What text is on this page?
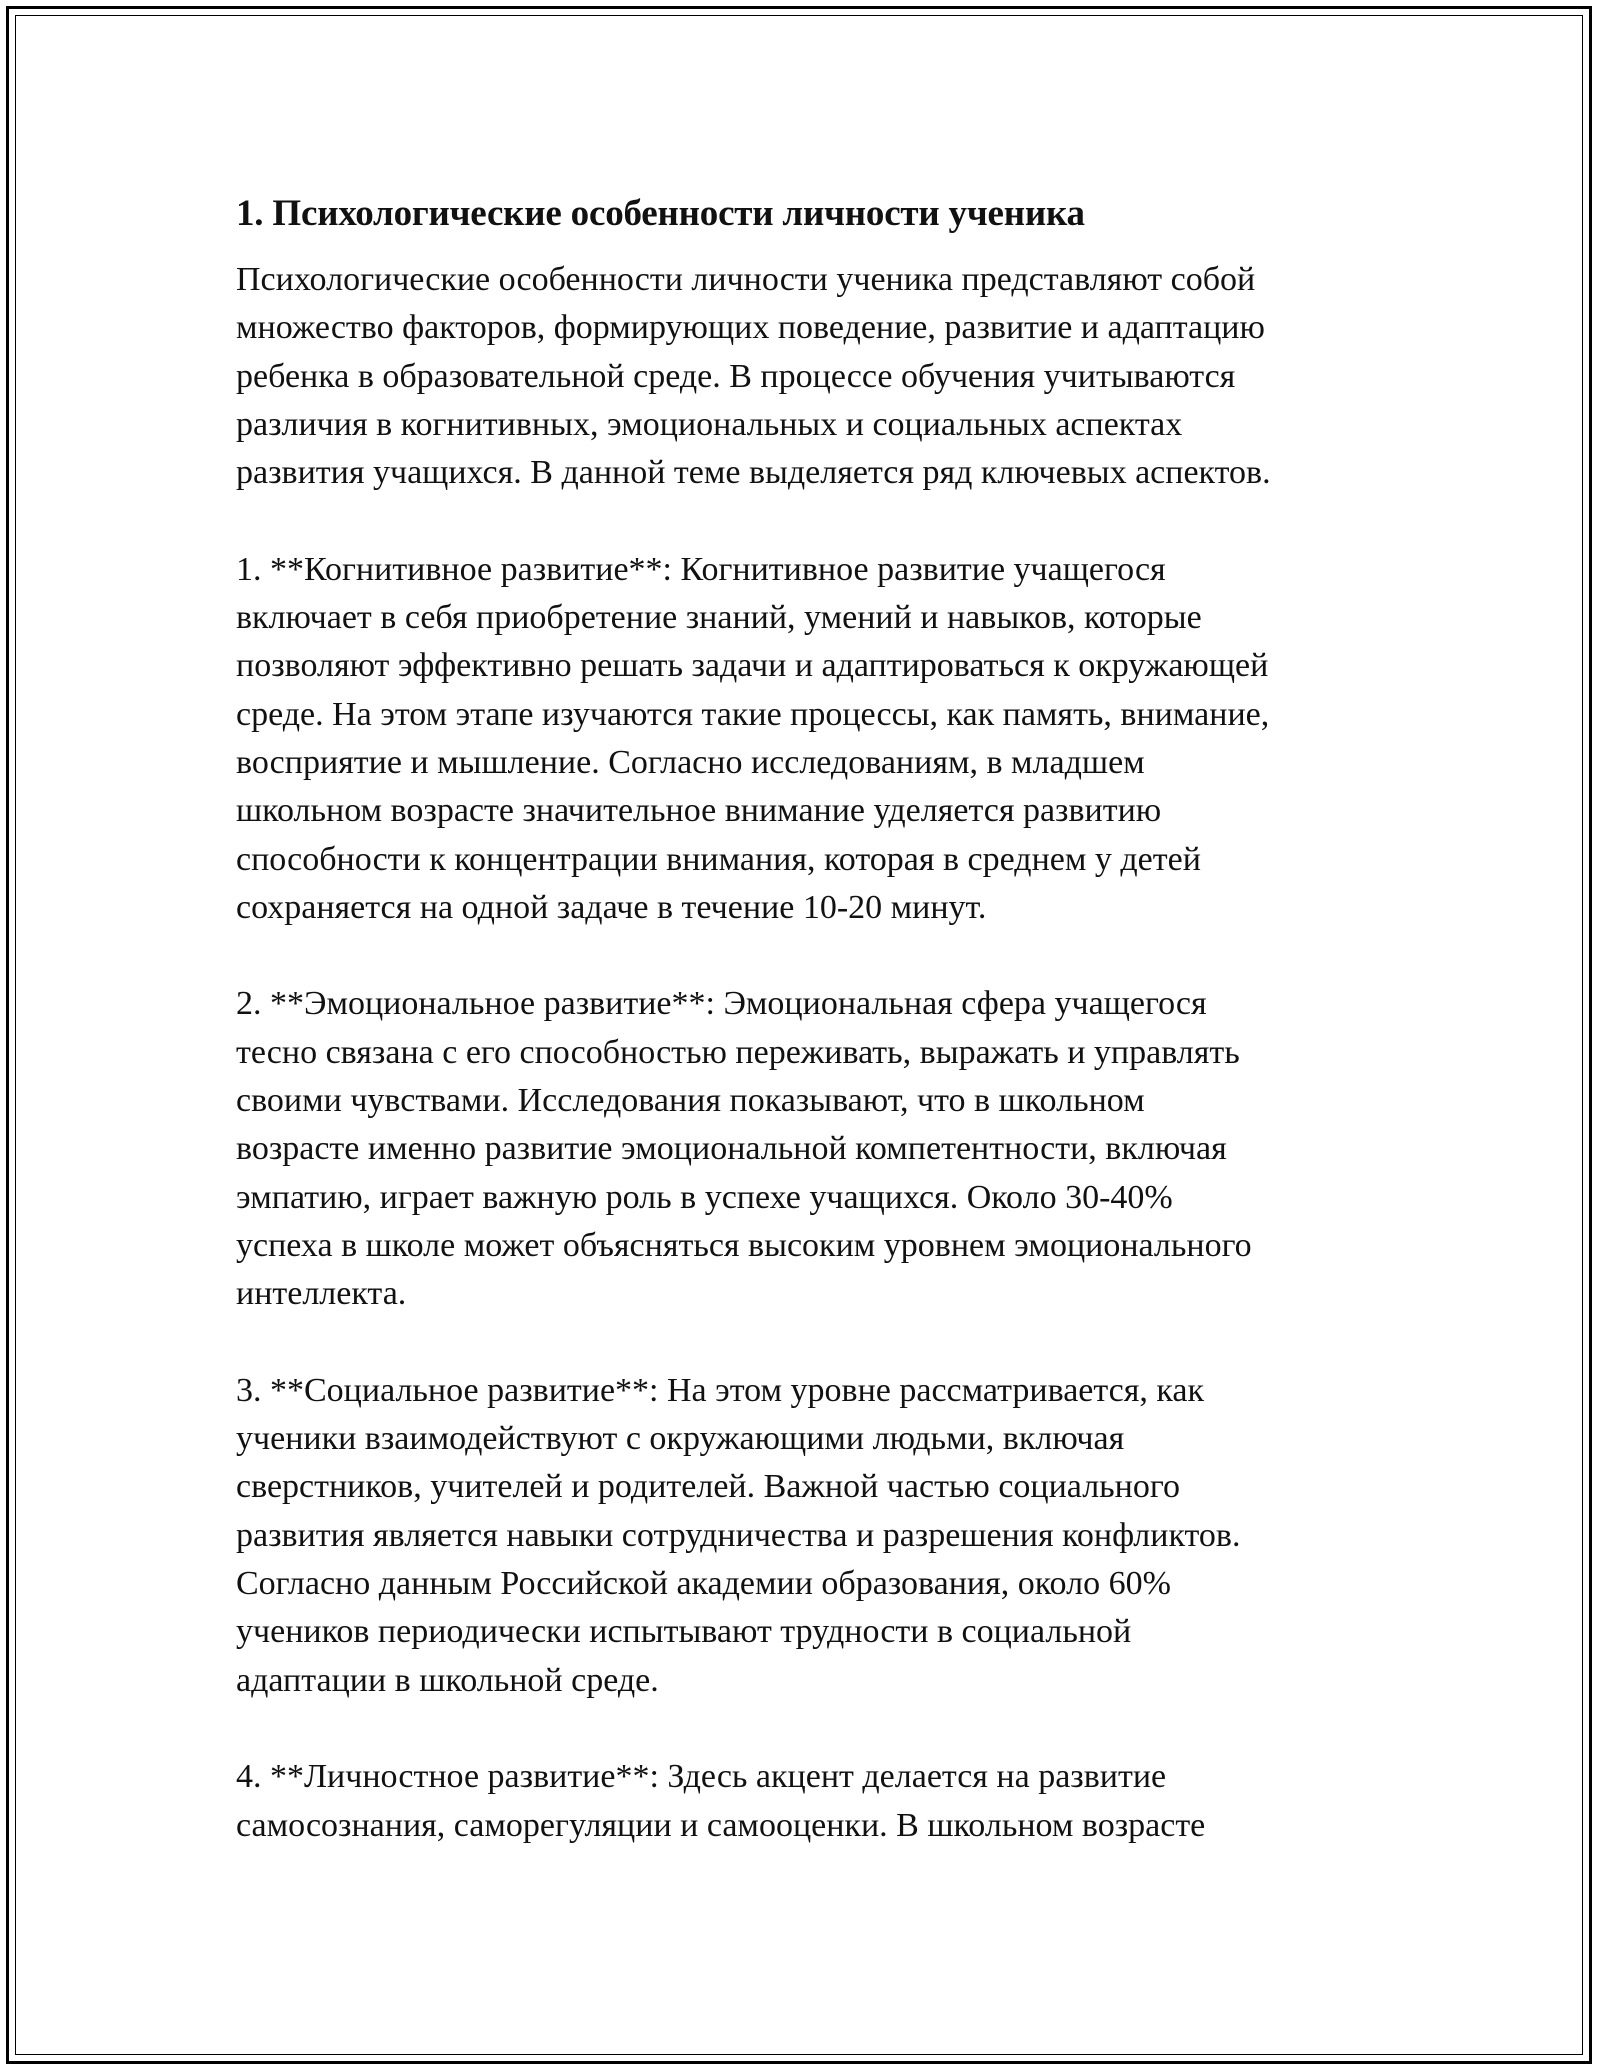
1. Психологические особенности личности ученика

Психологические особенности личности ученика представляют собой
множество факторов, формирующих поведение, развитие и адаптацию
ребенка в образовательной среде. В процессе обучения учитываются
различия в когнитивных, эмоциональных и социальных аспектах
развития учащихся. В данной теме выделяется ряд ключевых аспектов.

1. **Когнитивное развитие**: Когнитивное развитие учащегося
включает в себя приобретение знаний, умений и навыков, которые
позволяют эффективно решать задачи и адаптироваться к окружающей
среде. На этом этапе изучаются такие процессы, как память, внимание,
восприятие и мышление. Согласно исследованиям, в младшем
школьном возрасте значительное внимание уделяется развитию
способности к концентрации внимания, которая в среднем у детей
сохраняется на одной задаче в течение 10-20 минут.

2. **Эмоциональное развитие**: Эмоциональная сфера учащегося
тесно связана с его способностью переживать, выражать и управлять
своими чувствами. Исследования показывают, что в школьном
возрасте именно развитие эмоциональной компетентности, включая
эмпатию, играет важную роль в успехе учащихся. Около 30-40%
успеха в школе может объясняться высоким уровнем эмоционального
интеллекта.

3. **Социальное развитие**: На этом уровне рассматривается, как
ученики взаимодействуют с окружающими людьми, включая
сверстников, учителей и родителей. Важной частью социального
развития является навыки сотрудничества и разрешения конфликтов.
Согласно данным Российской академии образования, около 60%
учеников периодически испытывают трудности в социальной
адаптации в школьной среде.

4. **Личностное развитие**: Здесь акцент делается на развитие
самосознания, саморегуляции и самооценки. В школьном возрасте
